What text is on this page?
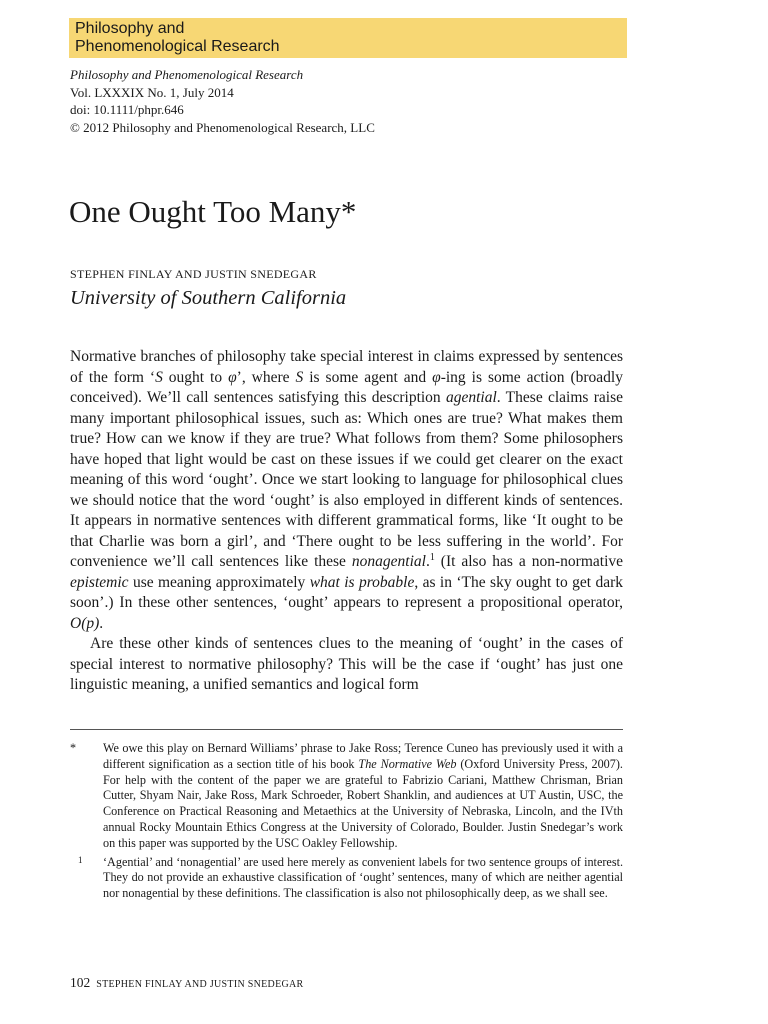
Philosophy and
Phenomenological Research
Philosophy and Phenomenological Research
Vol. LXXXIX No. 1, July 2014
doi: 10.1111/phpr.646
© 2012 Philosophy and Phenomenological Research, LLC
One Ought Too Many*
STEPHEN FINLAY AND JUSTIN SNEDEGAR
University of Southern California

Normative branches of philosophy take special interest in claims expressed by sentences of the form ‘S ought to φ’, where S is some agent and φ-ing is some action (broadly conceived). We’ll call sentences satisfying this description agential. These claims raise many important philosophical issues, such as: Which ones are true? What makes them true? How can we know if they are true? What follows from them? Some philosophers have hoped that light would be cast on these issues if we could get clearer on the exact meaning of this word ‘ought’. Once we start looking to language for philosophical clues we should notice that the word ‘ought’ is also employed in different kinds of sentences. It appears in normative sentences with different grammatical forms, like ‘It ought to be that Charlie was born a girl’, and ‘There ought to be less suffering in the world’. For convenience we’ll call sentences like these nonagential.$^1$ (It also has a non-normative epistemic use meaning approximately what is probable, as in ‘The sky ought to get dark soon’.) In these other sentences, ‘ought’ appears to represent a propositional operator, O(p).

Are these other kinds of sentences clues to the meaning of ‘ought’ in the cases of special interest to normative philosophy? This will be the case if ‘ought’ has just one linguistic meaning, a unified semantics and logical form

* We owe this play on Bernard Williams’ phrase to Jake Ross; Terence Cuneo has previously used it with a different signification as a section title of his book The Normative Web (Oxford University Press, 2007). For help with the content of the paper we are grateful to Fabrizio Cariani, Matthew Chrisman, Brian Cutter, Shyam Nair, Jake Ross, Mark Schroeder, Robert Shanklin, and audiences at UT Austin, USC, the Conference on Practical Reasoning and Metaethics at the University of Nebraska, Lincoln, and the IVth annual Rocky Mountain Ethics Congress at the University of Colorado, Boulder. Justin Snedegar’s work on this paper was supported by the USC Oakley Fellowship.
1 ‘Agential’ and ‘nonagential’ are used here merely as convenient labels for two sentence groups of interest. They do not provide an exhaustive classification of ‘ought’ sentences, many of which are neither agential nor nonagential by these definitions. The classification is also not philosophically deep, as we shall see.
102 STEPHEN FINLAY AND JUSTIN SNEDEGAR
